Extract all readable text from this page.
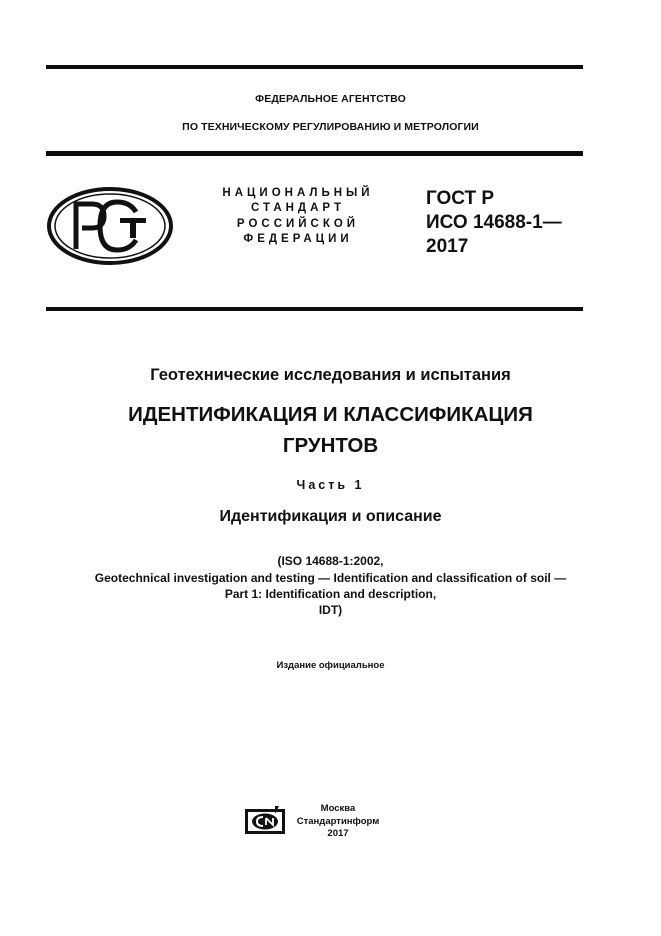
ФЕДЕРАЛЬНОЕ АГЕНТСТВО
ПО ТЕХНИЧЕСКОМУ РЕГУЛИРОВАНИЮ И МЕТРОЛОГИИ
НАЦИОНАЛЬНЫЙ
СТАНДАРТ
РОССИЙСКОЙ
ФЕДЕРАЦИИ
ГОСТ Р
ИСО 14688-1—
2017
Геотехнические исследования и испытания
ИДЕНТИФИКАЦИЯ И КЛАССИФИКАЦИЯ
ГРУНТОВ
Часть 1
Идентификация и описание
(ISO 14688-1:2002,
Geotechnical investigation and testing — Identification and classification of soil —
Part 1: Identification and description,
IDT)
Издание официальное
Москва
Стандартинформ
2017
